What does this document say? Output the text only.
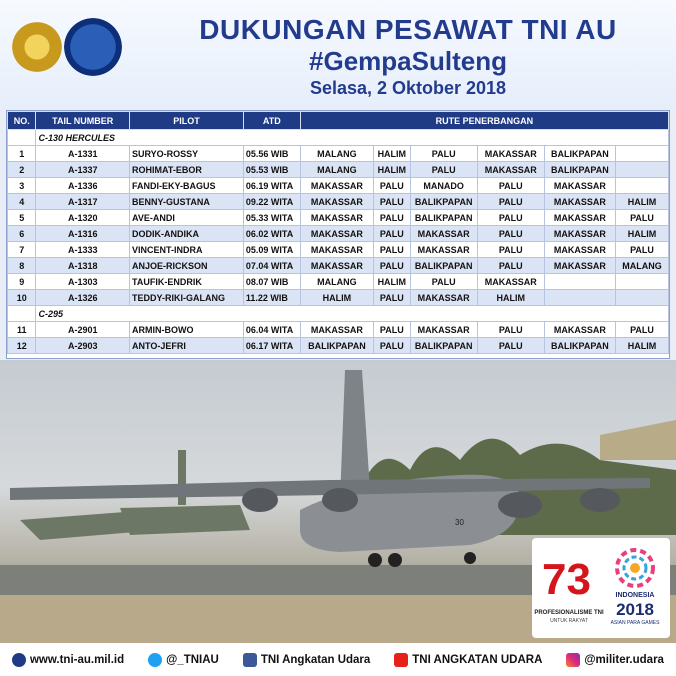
DUKUNGAN PESAWAT TNI AU
#GempaSulteng
Selasa, 2 Oktober 2018
NO.	TAIL NUMBER	PILOT	ATD	RUTE PENERBANGAN					
	C-130 HERCULES								
1	A-1331	SURYO-ROSSY	05.56 WIB	MALANG	HALIM	PALU	MAKASSAR	BALIKPAPAN	
2	A-1337	ROHIMAT-EBOR	05.53 WIB	MALANG	HALIM	PALU	MAKASSAR	BALIKPAPAN	
3	A-1336	FANDI-EKY-BAGUS	06.19 WITA	MAKASSAR	PALU	MANADO	PALU	MAKASSAR	
4	A-1317	BENNY-GUSTANA	09.22 WITA	MAKASSAR	PALU	BALIKPAPAN	PALU	MAKASSAR	HALIM
5	A-1320	AVE-ANDI	05.33 WITA	MAKASSAR	PALU	BALIKPAPAN	PALU	MAKASSAR	PALU
6	A-1316	DODIK-ANDIKA	06.02 WITA	MAKASSAR	PALU	MAKASSAR	PALU	MAKASSAR	HALIM
7	A-1333	VINCENT-INDRA	05.09 WITA	MAKASSAR	PALU	MAKASSAR	PALU	MAKASSAR	PALU
8	A-1318	ANJOE-RICKSON	07.04 WITA	MAKASSAR	PALU	BALIKPAPAN	PALU	MAKASSAR	MALANG
9	A-1303	TAUFIK-ENDRIK	08.07 WIB	MALANG	HALIM	PALU	MAKASSAR		
10	A-1326	TEDDY-RIKI-GALANG	11.22 WIB	HALIM	PALU	MAKASSAR	HALIM		
	C-295								
11	A-2901	ARMIN-BOWO	06.04 WITA	MAKASSAR	PALU	MAKASSAR	PALU	MAKASSAR	PALU
12	A-2903	ANTO-JEFRI	06.17 WITA	BALIKPAPAN	PALU	BALIKPAPAN	PALU	BALIKPAPAN	HALIM
30
73
PROFESIONALISME TNI
UNTUK RAKYAT
INDONESIA
2018
ASIAN PARA GAMES
www.tni-au.mil.id	@_TNIAU	TNI Angkatan Udara	TNI ANGKATAN UDARA	@militer.udara
